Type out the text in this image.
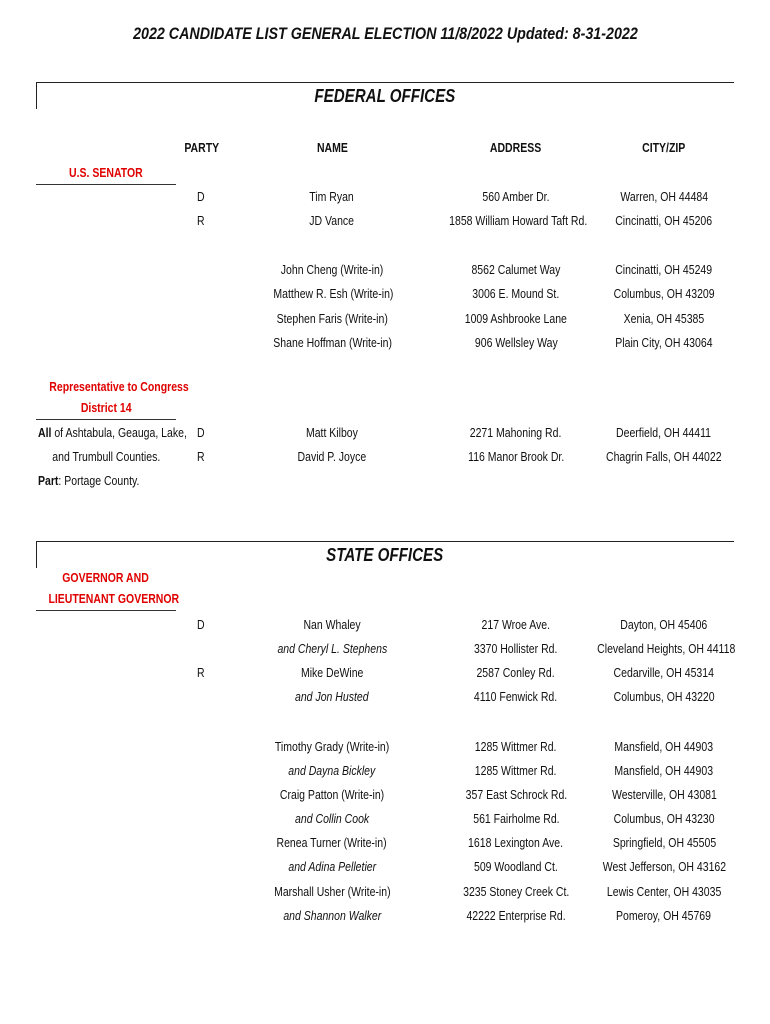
2022 CANDIDATE LIST GENERAL ELECTION 11/8/2022 Updated: 8-31-2022
FEDERAL OFFICES
PARTY	NAME	ADDRESS	CITY/ZIP
U.S. SENATOR
D	Tim Ryan	560 Amber Dr.	Warren, OH 44484
R	JD Vance	1858 William Howard Taft Rd.	Cincinatti, OH 45206
John Cheng (Write-in)	8562 Calumet Way	Cincinatti, OH 45249
Matthew R. Esh (Write-in)	3006 E. Mound St.	Columbus, OH 43209
Stephen Faris (Write-in)	1009 Ashbrooke Lane	Xenia, OH 45385
Shane Hoffman (Write-in)	906 Wellsley Way	Plain City, OH 43064
Representative to Congress
District 14
All of Ashtabula, Geauga, Lake,
and Trumbull Counties.
Part: Portage County.
D	Matt Kilboy	2271 Mahoning Rd.	Deerfield, OH 44411
R	David P. Joyce	116 Manor Brook Dr.	Chagrin Falls, OH 44022
STATE OFFICES
GOVERNOR AND
LIEUTENANT GOVERNOR
D	Nan Whaley	217 Wroe Ave.	Dayton, OH 45406
and Cheryl L. Stephens	3370 Hollister Rd.	Cleveland Heights, OH 44118
R	Mike DeWine	2587 Conley Rd.	Cedarville, OH 45314
and Jon Husted	4110 Fenwick Rd.	Columbus, OH 43220
Timothy Grady (Write-in)	1285 Wittmer Rd.	Mansfield, OH 44903
and Dayna Bickley	1285 Wittmer Rd.	Mansfield, OH 44903
Craig Patton (Write-in)	357 East Schrock Rd.	Westerville, OH 43081
and Collin Cook	561 Fairholme Rd.	Columbus, OH 43230
Renea Turner (Write-in)	1618 Lexington Ave.	Springfield, OH 45505
and Adina Pelletier	509 Woodland Ct.	West Jefferson, OH 43162
Marshall Usher (Write-in)	3235 Stoney Creek Ct.	Lewis Center, OH 43035
and Shannon Walker	42222 Enterprise Rd.	Pomeroy, OH 45769
